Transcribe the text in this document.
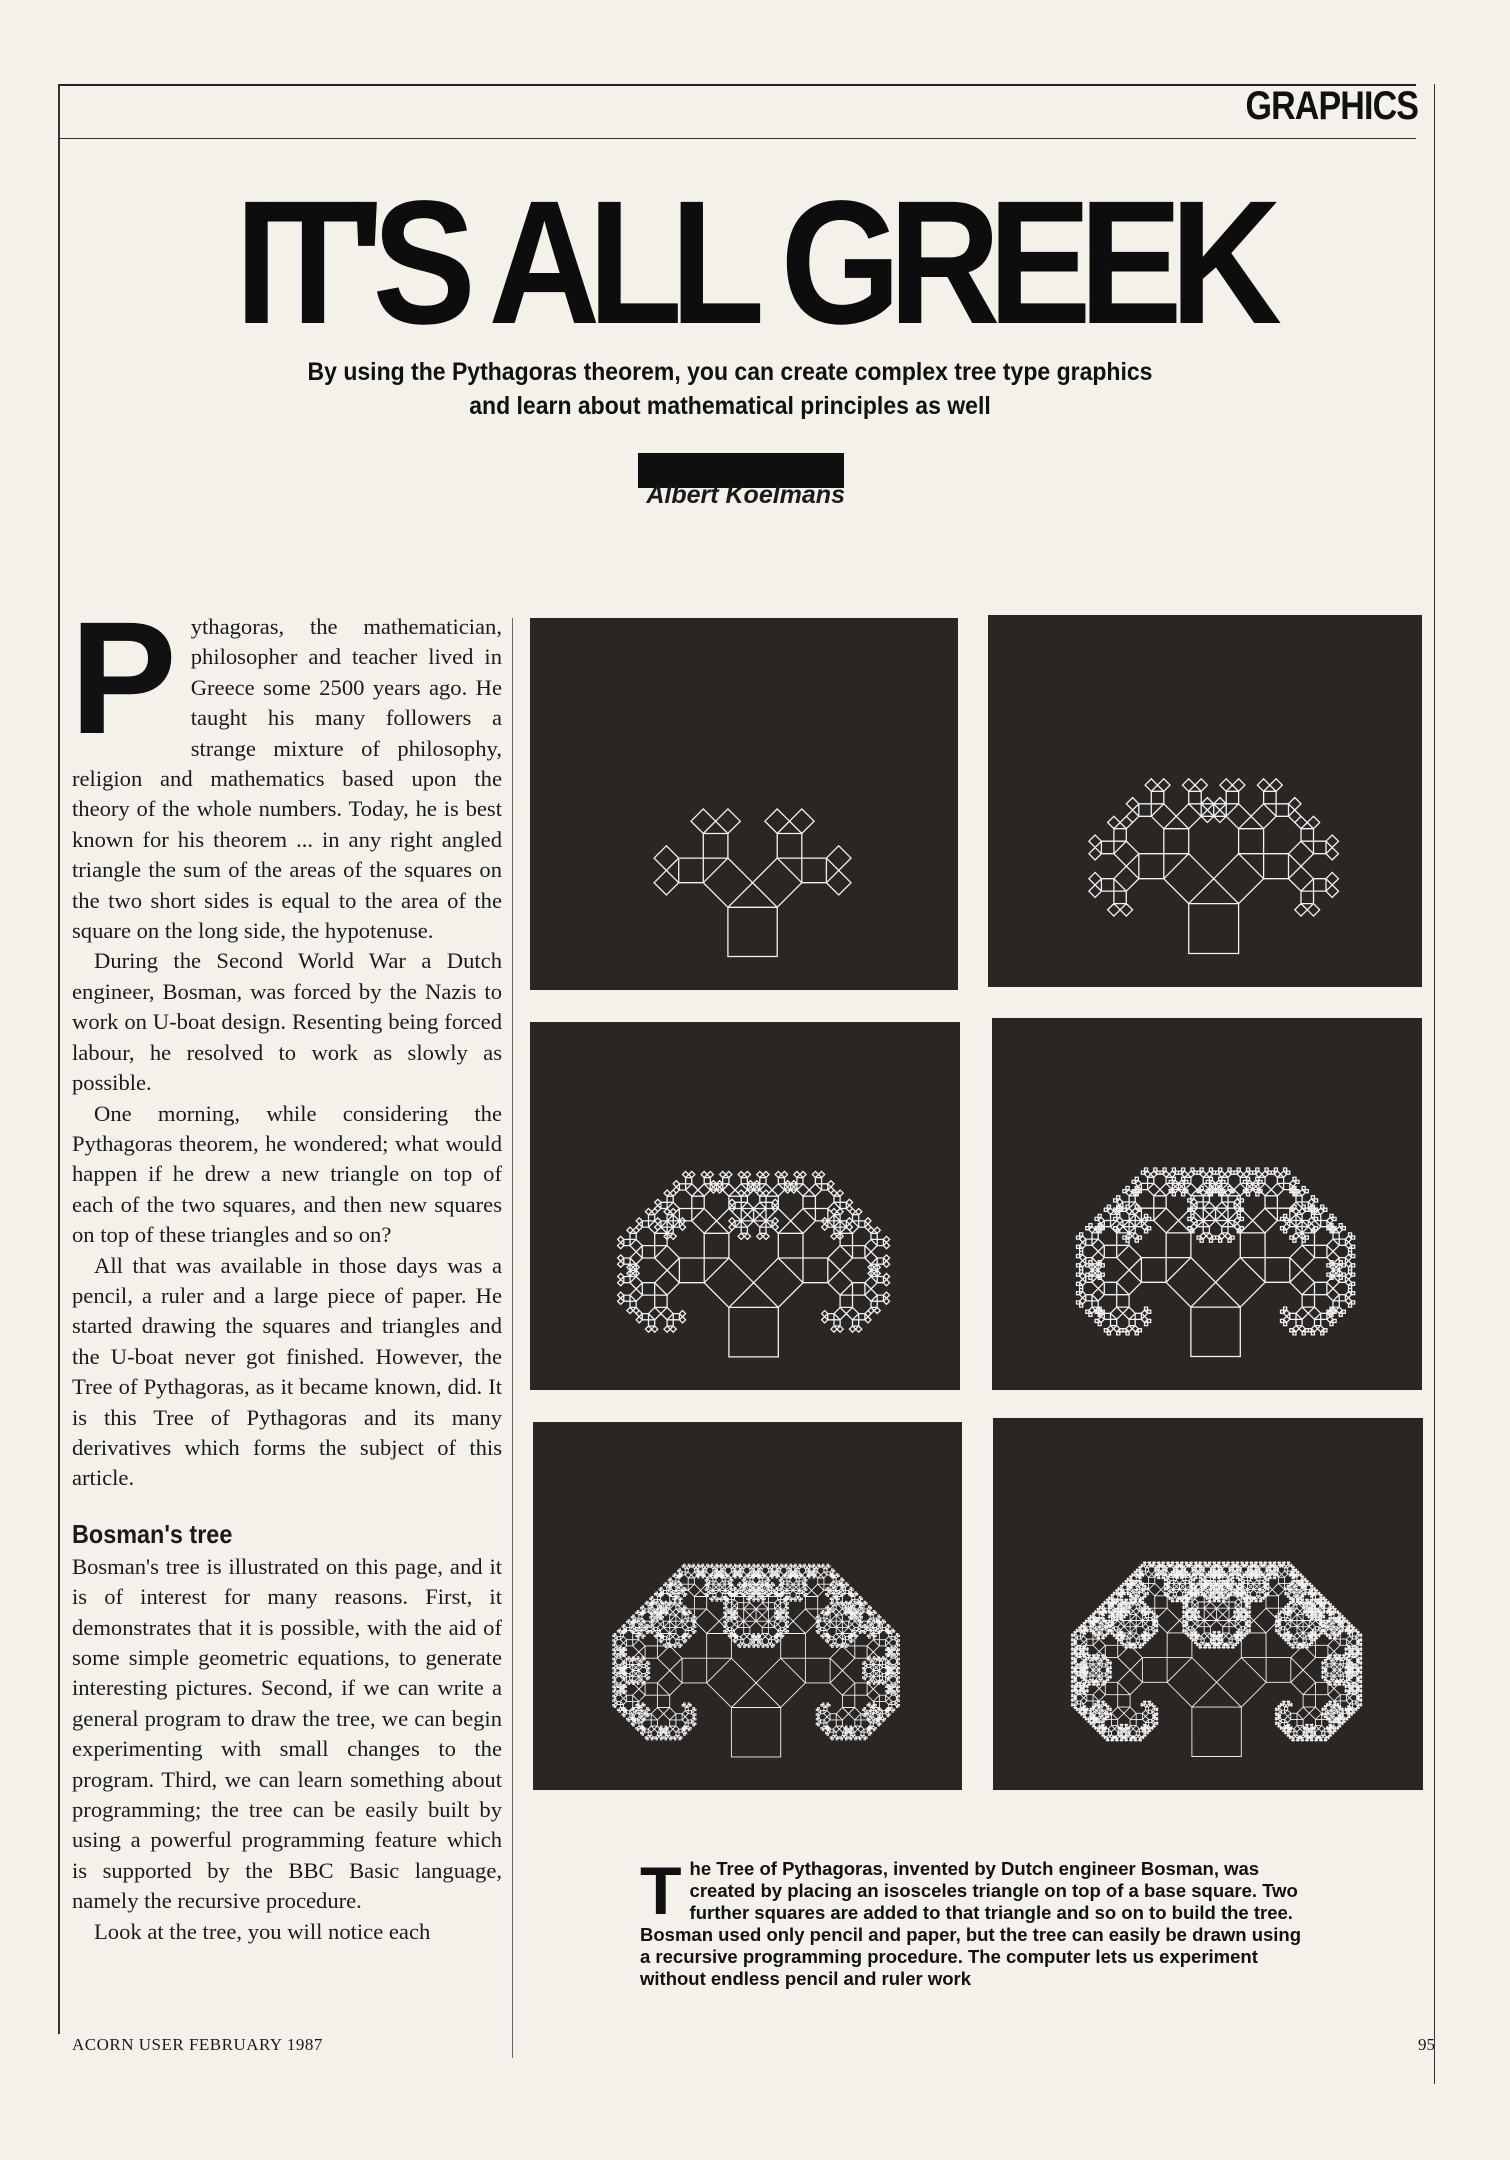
GRAPHICS
IT'S ALL GREEK
By using the Pythagoras theorem, you can create complex tree type graphics and learn about mathematical principles as well
Albert Koelmans

Pythagoras, the mathematician, philosopher and teacher lived in Greece some 2500 years ago. He taught his many followers a strange mixture of philosophy, religion and mathematics based upon the theory of the whole numbers. Today, he is best known for his theorem ... in any right angled triangle the sum of the areas of the squares on the two short sides is equal to the area of the square on the long side, the hypotenuse.

During the Second World War a Dutch engineer, Bosman, was forced by the Nazis to work on U-boat design. Resenting being forced labour, he resolved to work as slowly as possible.

One morning, while considering the Pythagoras theorem, he wondered; what would happen if he drew a new triangle on top of each of the two squares, and then new squares on top of these triangles and so on?

All that was available in those days was a pencil, a ruler and a large piece of paper. He started drawing the squares and triangles and the U-boat never got finished. However, the Tree of Pythagoras, as it became known, did. It is this Tree of Pythagoras and its many derivatives which forms the subject of this article.

Bosman's tree

Bosman's tree is illustrated on this page, and it is of interest for many reasons. First, it demonstrates that it is possible, with the aid of some simple geometric equations, to generate interesting pictures. Second, if we can write a general program to draw the tree, we can begin experimenting with small changes to the program. Third, we can learn something about programming; the tree can be easily built by using a powerful programming feature which is supported by the BBC Basic language, namely the recursive procedure.

Look at the tree, you will notice each

The Tree of Pythagoras, invented by Dutch engineer Bosman, was created by placing an isosceles triangle on top of a base square. Two further squares are added to that triangle and so on to build the tree. Bosman used only pencil and paper, but the tree can easily be drawn using a recursive programming procedure. The computer lets us experiment without endless pencil and ruler work
ACORN USER FEBRUARY 1987	95
